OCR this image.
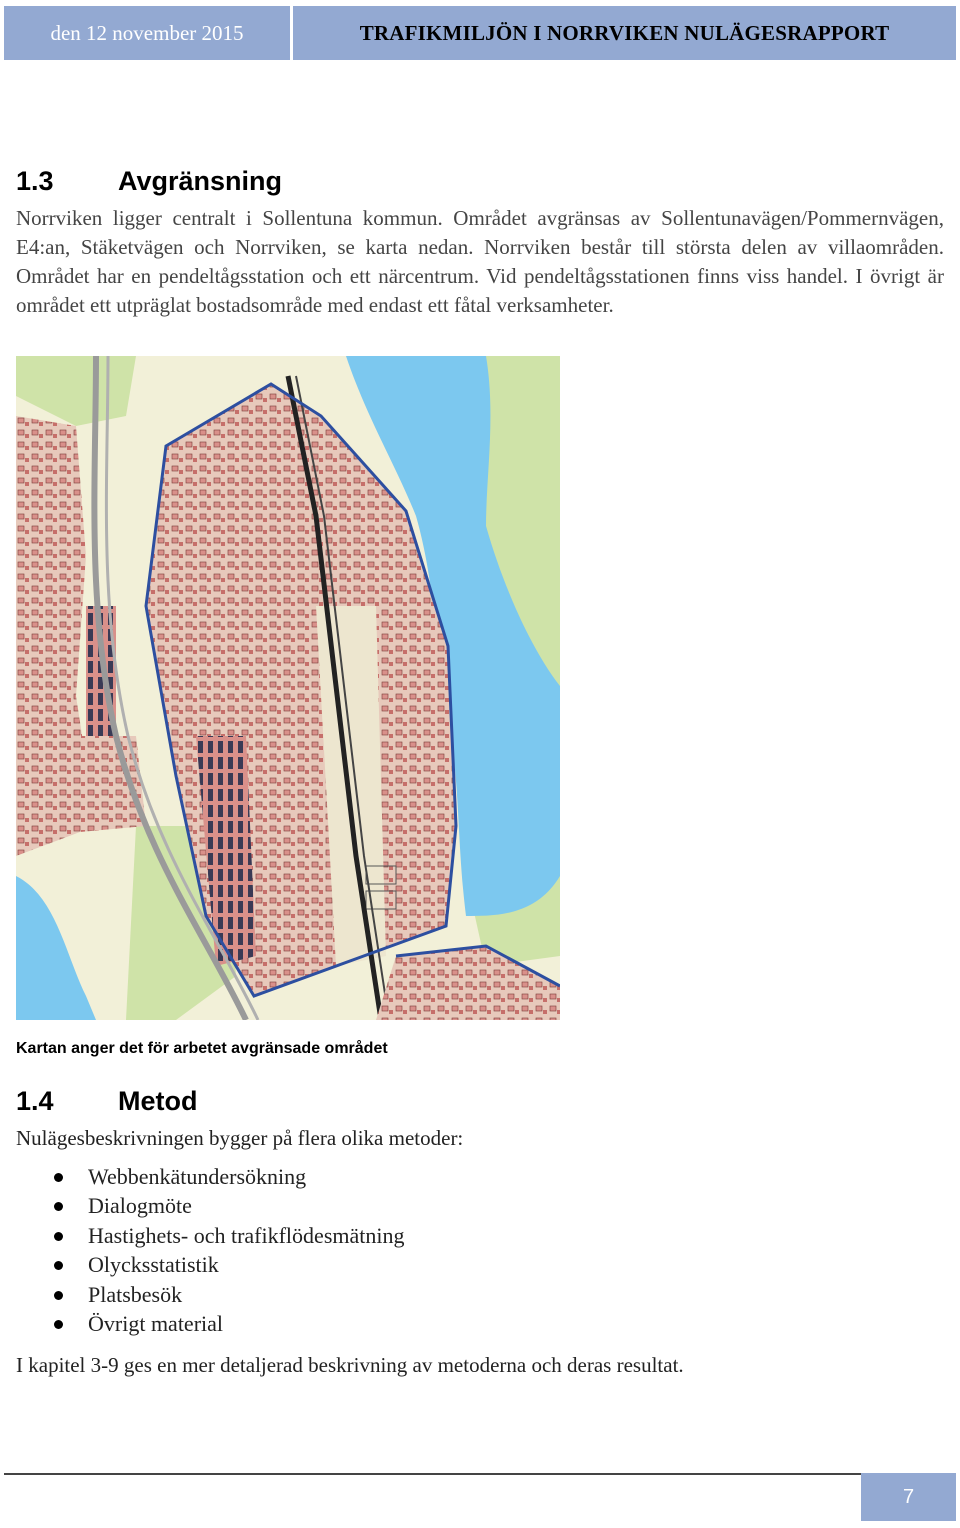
den 12 november 2015	TRAFIKMILJÖN I NORRVIKEN NULÄGESRAPPORT
1.3 Avgränsning
Norrviken ligger centralt i Sollentuna kommun. Området avgränsas av Sollentunavägen/Pommernvägen, E4:an, Stäketvägen och Norrviken, se karta nedan. Norrviken består till största delen av villaområden. Området har en pendeltågsstation och ett närcentrum. Vid pendeltågsstationen finns viss handel. I övrigt är området ett utpräglat bostadsområde med endast ett fåtal verksamheter.
Kartan anger det för arbetet avgränsade området
1.4 Metod
Nulägesbeskrivningen bygger på flera olika metoder:
Webbenkätundersökning
Dialogmöte
Hastighets- och trafikflödesmätning
Olycksstatistik
Platsbesök
Övrigt material
I kapitel 3-9 ges en mer detaljerad beskrivning av metoderna och deras resultat.
7
